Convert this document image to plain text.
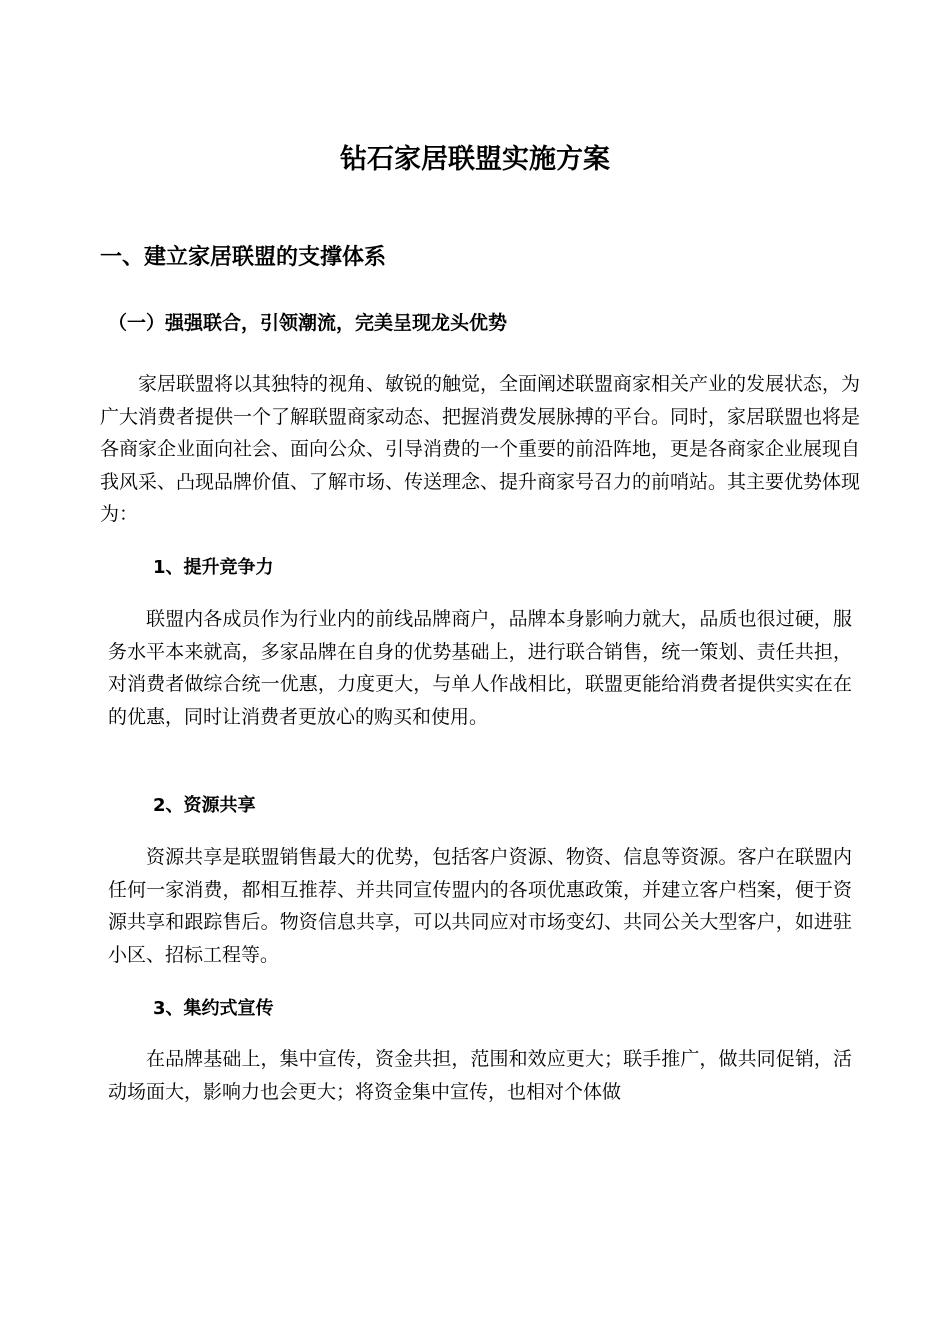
钻石家居联盟实施方案
一、建立家居联盟的支撑体系
（一）强强联合，引领潮流，完美呈现龙头优势

家居联盟将以其独特的视角、敏锐的触觉，全面阐述联盟商家相关产业的发展状态，为广大消费者提供一个了解联盟商家动态、把握消费发展脉搏的平台。同时，家居联盟也将是各商家企业面向社会、面向公众、引导消费的一个重要的前沿阵地，更是各商家企业展现自我风采、凸现品牌价值、了解市场、传送理念、提升商家号召力的前哨站。其主要优势体现为：

1、提升竞争力

联盟内各成员作为行业内的前线品牌商户，品牌本身影响力就大，品质也很过硬，服务水平本来就高，多家品牌在自身的优势基础上，进行联合销售，统一策划、责任共担，对消费者做综合统一优惠，力度更大，与单人作战相比，联盟更能给消费者提供实实在在的优惠，同时让消费者更放心的购买和使用。

2、资源共享

资源共享是联盟销售最大的优势，包括客户资源、物资、信息等资源。客户在联盟内任何一家消费，都相互推荐、并共同宣传盟内的各项优惠政策，并建立客户档案，便于资源共享和跟踪售后。物资信息共享，可以共同应对市场变幻、共同公关大型客户，如进驻小区、招标工程等。

3、集约式宣传

在品牌基础上，集中宣传，资金共担，范围和效应更大；联手推广，做共同促销，活动场面大，影响力也会更大；将资金集中宣传，也相对个体做
